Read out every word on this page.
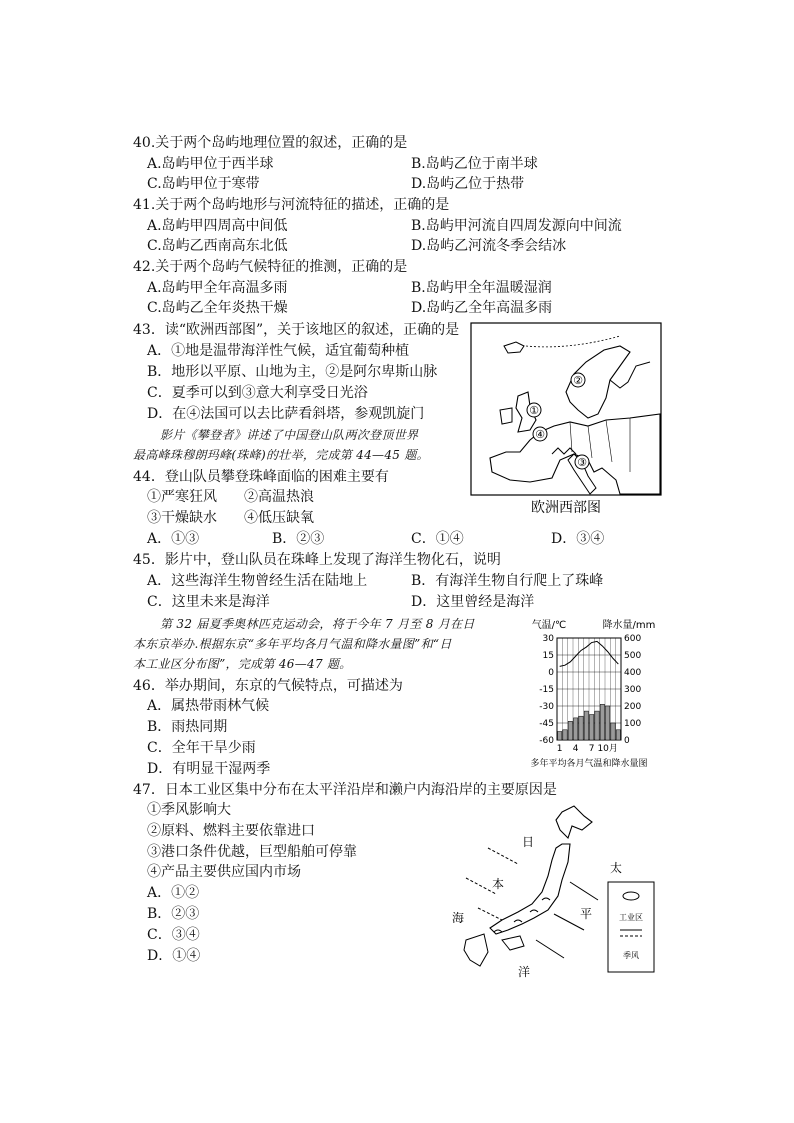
40.关于两个岛屿地理位置的叙述，正确的是
A.岛屿甲位于西半球	B.岛屿乙位于南半球
C.岛屿甲位于寒带	D.岛屿乙位于热带
41.关于两个岛屿地形与河流特征的描述，正确的是
A.岛屿甲四周高中间低	B.岛屿甲河流自四周发源向中间流
C.岛屿乙西南高东北低	D.岛屿乙河流冬季会结冰
42.关于两个岛屿气候特征的推测，正确的是
A.岛屿甲全年高温多雨	B.岛屿甲全年温暖湿润
C.岛屿乙全年炎热干燥	D.岛屿乙全年高温多雨
43．读“欧洲西部图”，关于该地区的叙述，正确的是
A．①地是温带海洋性气候，适宜葡萄种植
B．地形以平原、山地为主，②是阿尔卑斯山脉
C．夏季可以到③意大利享受日光浴
D．在④法国可以去比萨看斜塔，参观凯旋门
影片《攀登者》讲述了中国登山队两次登顶世界
最高峰珠穆朗玛峰(珠峰)的壮举，完成第 44—45 题。
44．登山队员攀登珠峰面临的困难主要有
①严寒狂风 ②高温热浪
③干燥缺水 ④低压缺氧
A．①③	B．②③	C．①④	D．③④
45．影片中，登山队员在珠峰上发现了海洋生物化石，说明
A．这些海洋生物曾经生活在陆地上	B．有海洋生物自行爬上了珠峰
C．这里未来是海洋	D．这里曾经是海洋
第 32 届夏季奥林匹克运动会，将于今年 7 月至 8 月在日
本东京举办.根据东京“多年平均各月气温和降水量图”和“日
本工业区分布图”，完成第 46—47 题。
46．举办期间，东京的气候特点，可描述为
A．属热带雨林气候
B．雨热同期
C．全年干旱少雨
D．有明显干湿两季
47．日本工业区集中分布在太平洋沿岸和濑户内海沿岸的主要原因是
①季风影响大
②原料、燃料主要依靠进口
③港口条件优越，巨型船舶可停靠
④产品主要供应国内市场
A．①②
B．②③
C．③④
D．①④
①
②
③
④
欧洲西部图
气温/℃	降水量/mm
30	600
15	500
0	400
-15	300
-30	200
-45	100
-60	0
1 4 7 10月
多年平均各月气温和降水量图
日
本
海
太
平
洋
工业区
季风
